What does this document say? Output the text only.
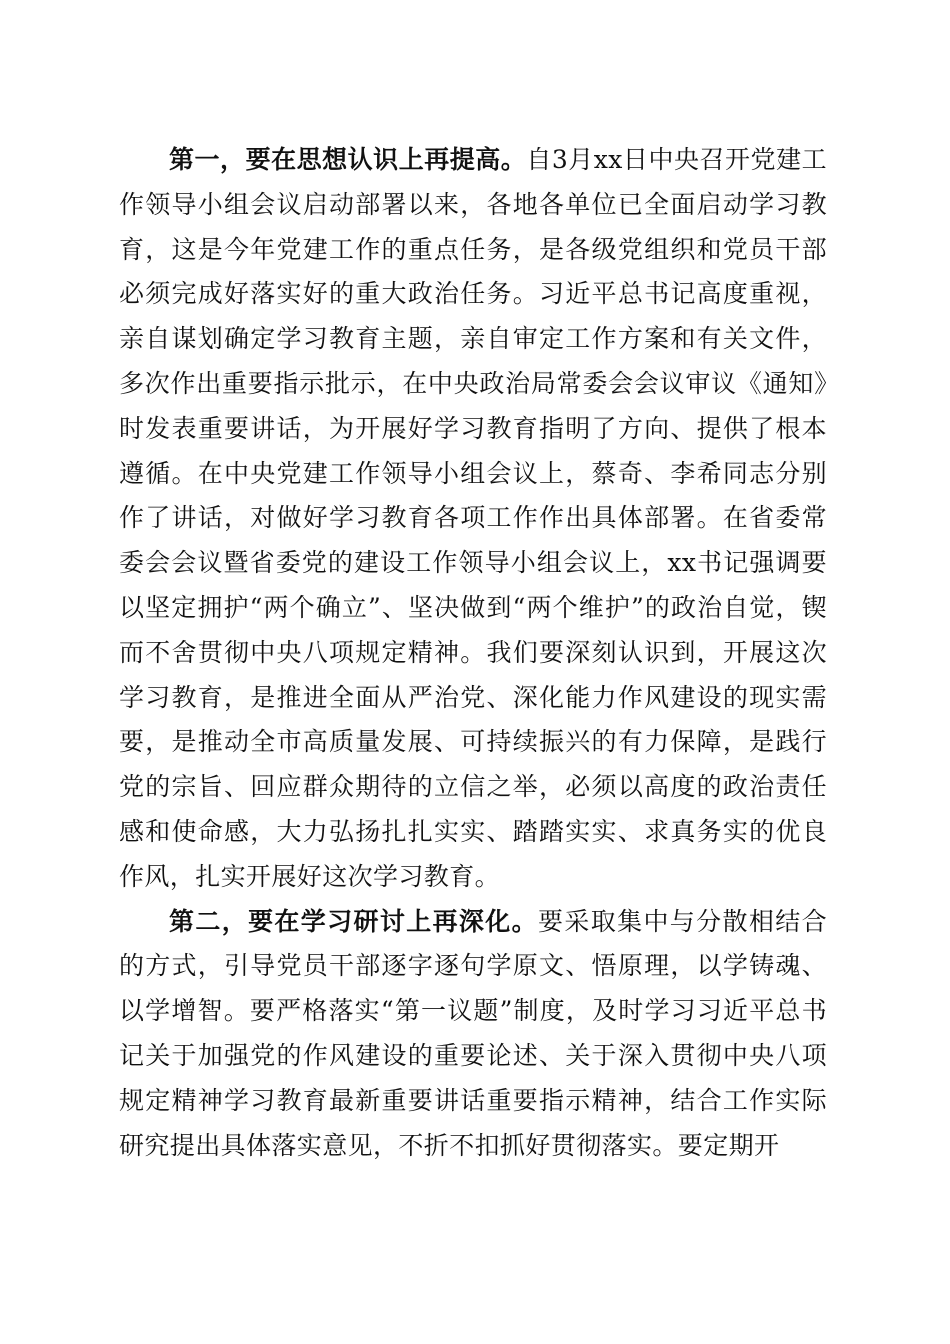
第一，要在思想认识上再提高。自3月xx日中央召开党建工作领导小组会议启动部署以来，各地各单位已全面启动学习教育，这是今年党建工作的重点任务，是各级党组织和党员干部必须完成好落实好的重大政治任务。习近平总书记高度重视，亲自谋划确定学习教育主题，亲自审定工作方案和有关文件，多次作出重要指示批示，在中央政治局常委会会议审议《通知》时发表重要讲话，为开展好学习教育指明了方向、提供了根本遵循。在中央党建工作领导小组会议上，蔡奇、李希同志分别作了讲话，对做好学习教育各项工作作出具体部署。在省委常委会会议暨省委党的建设工作领导小组会议上，xx书记强调要以坚定拥护“两个确立”、坚决做到“两个维护”的政治自觉，锲而不舍贯彻中央八项规定精神。我们要深刻认识到，开展这次学习教育，是推进全面从严治党、深化能力作风建设的现实需要，是推动全市高质量发展、可持续振兴的有力保障，是践行党的宗旨、回应群众期待的立信之举，必须以高度的政治责任感和使命感，大力弘扬扎扎实实、踏踏实实、求真务实的优良作风，扎实开展好这次学习教育。

第二，要在学习研讨上再深化。要采取集中与分散相结合的方式，引导党员干部逐字逐句学原文、悟原理，以学铸魂、以学增智。要严格落实“第一议题”制度，及时学习习近平总书记关于加强党的作风建设的重要论述、关于深入贯彻中央八项规定精神学习教育最新重要讲话重要指示精神，结合工作实际研究提出具体落实意见，不折不扣抓好贯彻落实。要定期开
